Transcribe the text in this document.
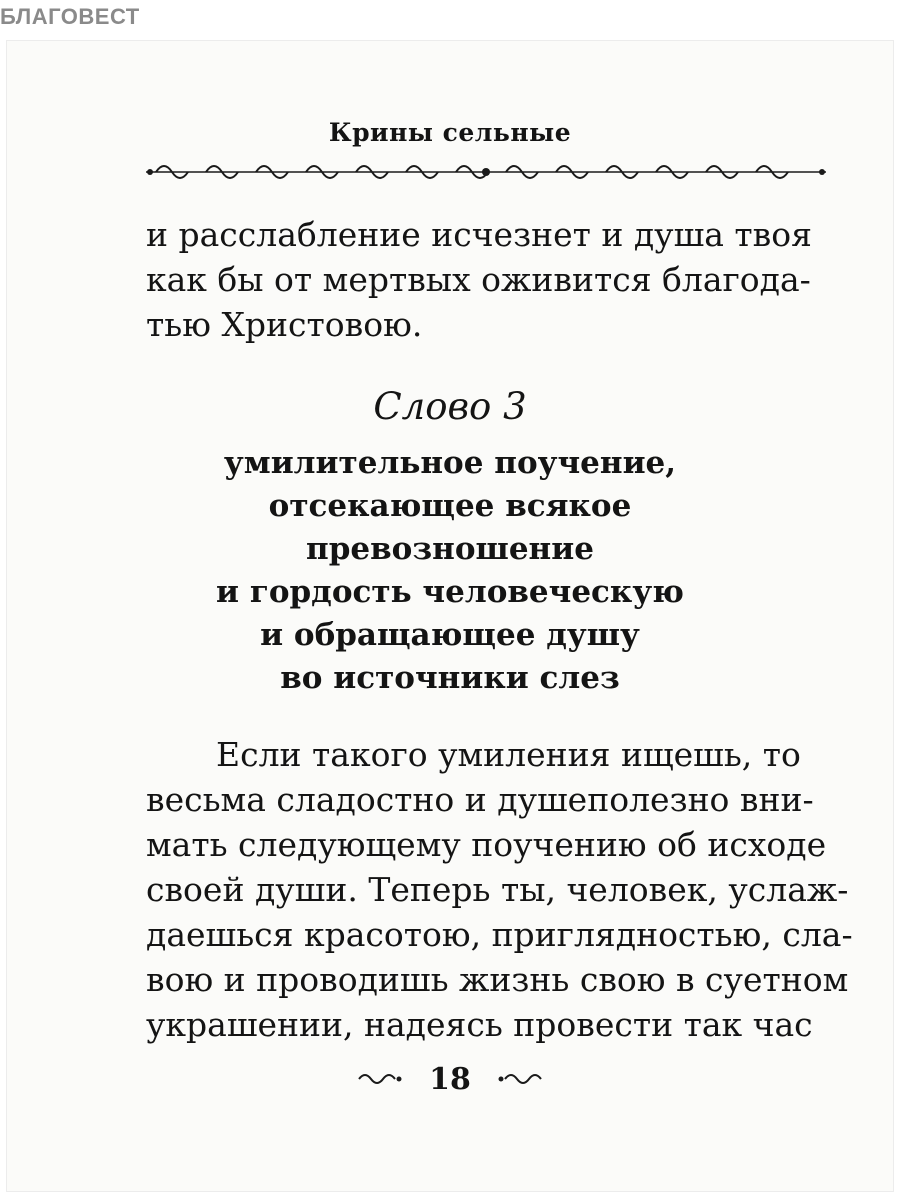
БЛАГОВЕСТ
Крины сельные
и расслабление исчезнет и душа твоя
как бы от мертвых оживится благода-
тью Христовою.
Слово 3
умилительное поучение,
отсекающее всякое
превозношение
и гордость человеческую
и обращающее душу
во источники слез
Если такого умиления ищешь, то
весьма сладостно и душеполезно вни-
мать следующему поучению об исходе
своей души. Теперь ты, человек, услаж-
даешься красотою, приглядностью, сла-
вою и проводишь жизнь свою в суетном
украшении, надеясь провести так час
18
